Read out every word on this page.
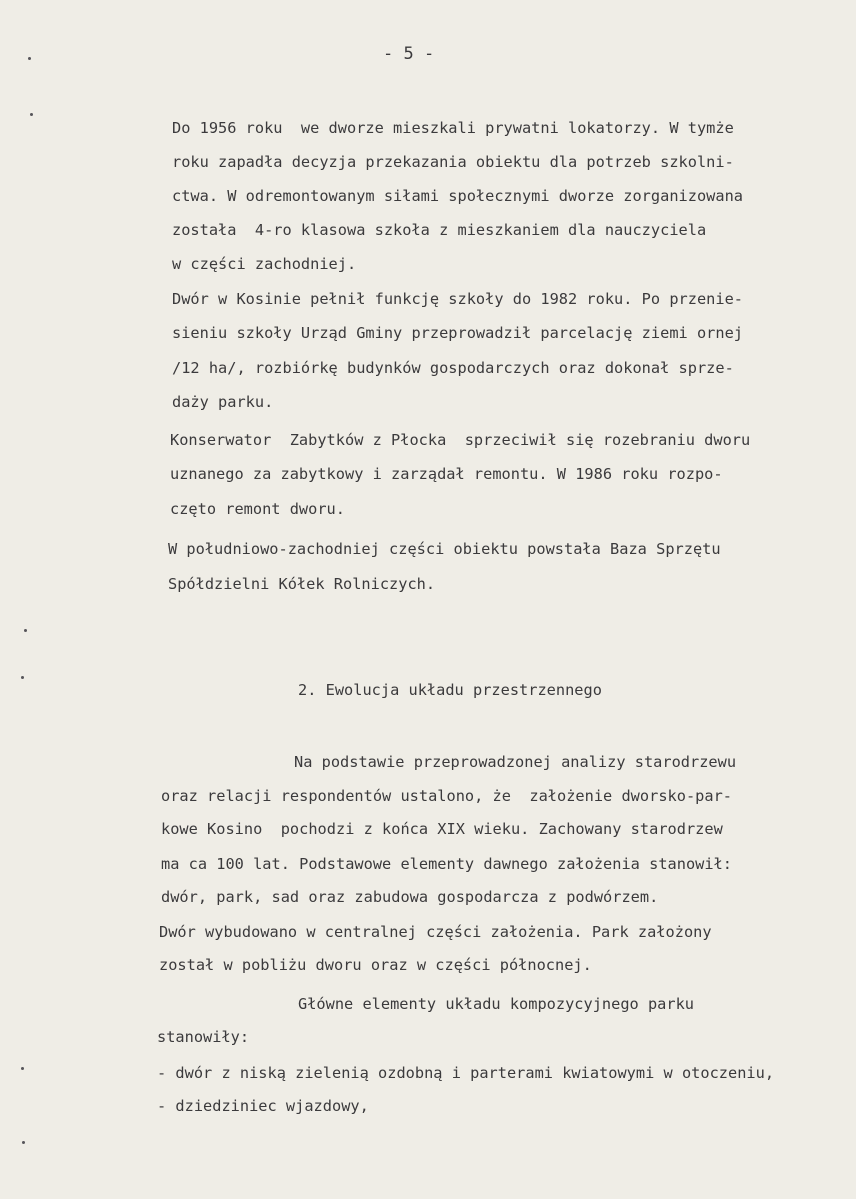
- 5 -
Do 1956 roku  we dworze mieszkali prywatni lokatorzy. W tymże
roku zapadła decyzja przekazania obiektu dla potrzeb szkolni-
ctwa. W odremontowanym siłami społecznymi dworze zorganizowana
została  4-ro klasowa szkoła z mieszkaniem dla nauczyciela
w części zachodniej.
Dwór w Kosinie pełnił funkcję szkoły do 1982 roku. Po przenie-
sieniu szkoły Urząd Gminy przeprowadził parcelację ziemi ornej
/12 ha/, rozbiórkę budynków gospodarczych oraz dokonał sprze-
daży parku.
Konserwator  Zabytków z Płocka  sprzeciwił się rozebraniu dworu
uznanego za zabytkowy i zarządał remontu. W 1986 roku rozpo-
częto remont dworu.
W południowo-zachodniej części obiektu powstała Baza Sprzętu
Spółdzielni Kółek Rolniczych.
2. Ewolucja układu przestrzennego
Na podstawie przeprowadzonej analizy starodrzewu
oraz relacji respondentów ustalono, że  założenie dworsko-par-
kowe Kosino  pochodzi z końca XIX wieku. Zachowany starodrzew
ma ca 100 lat. Podstawowe elementy dawnego założenia stanowił:
dwór, park, sad oraz zabudowa gospodarcza z podwórzem.
Dwór wybudowano w centralnej części założenia. Park założony
został w pobliżu dworu oraz w części północnej.
Główne elementy układu kompozycyjnego parku
stanowiły:
- dwór z niską zielenią ozdobną i parterami kwiatowymi w otoczeniu,
- dziedziniec wjazdowy,
